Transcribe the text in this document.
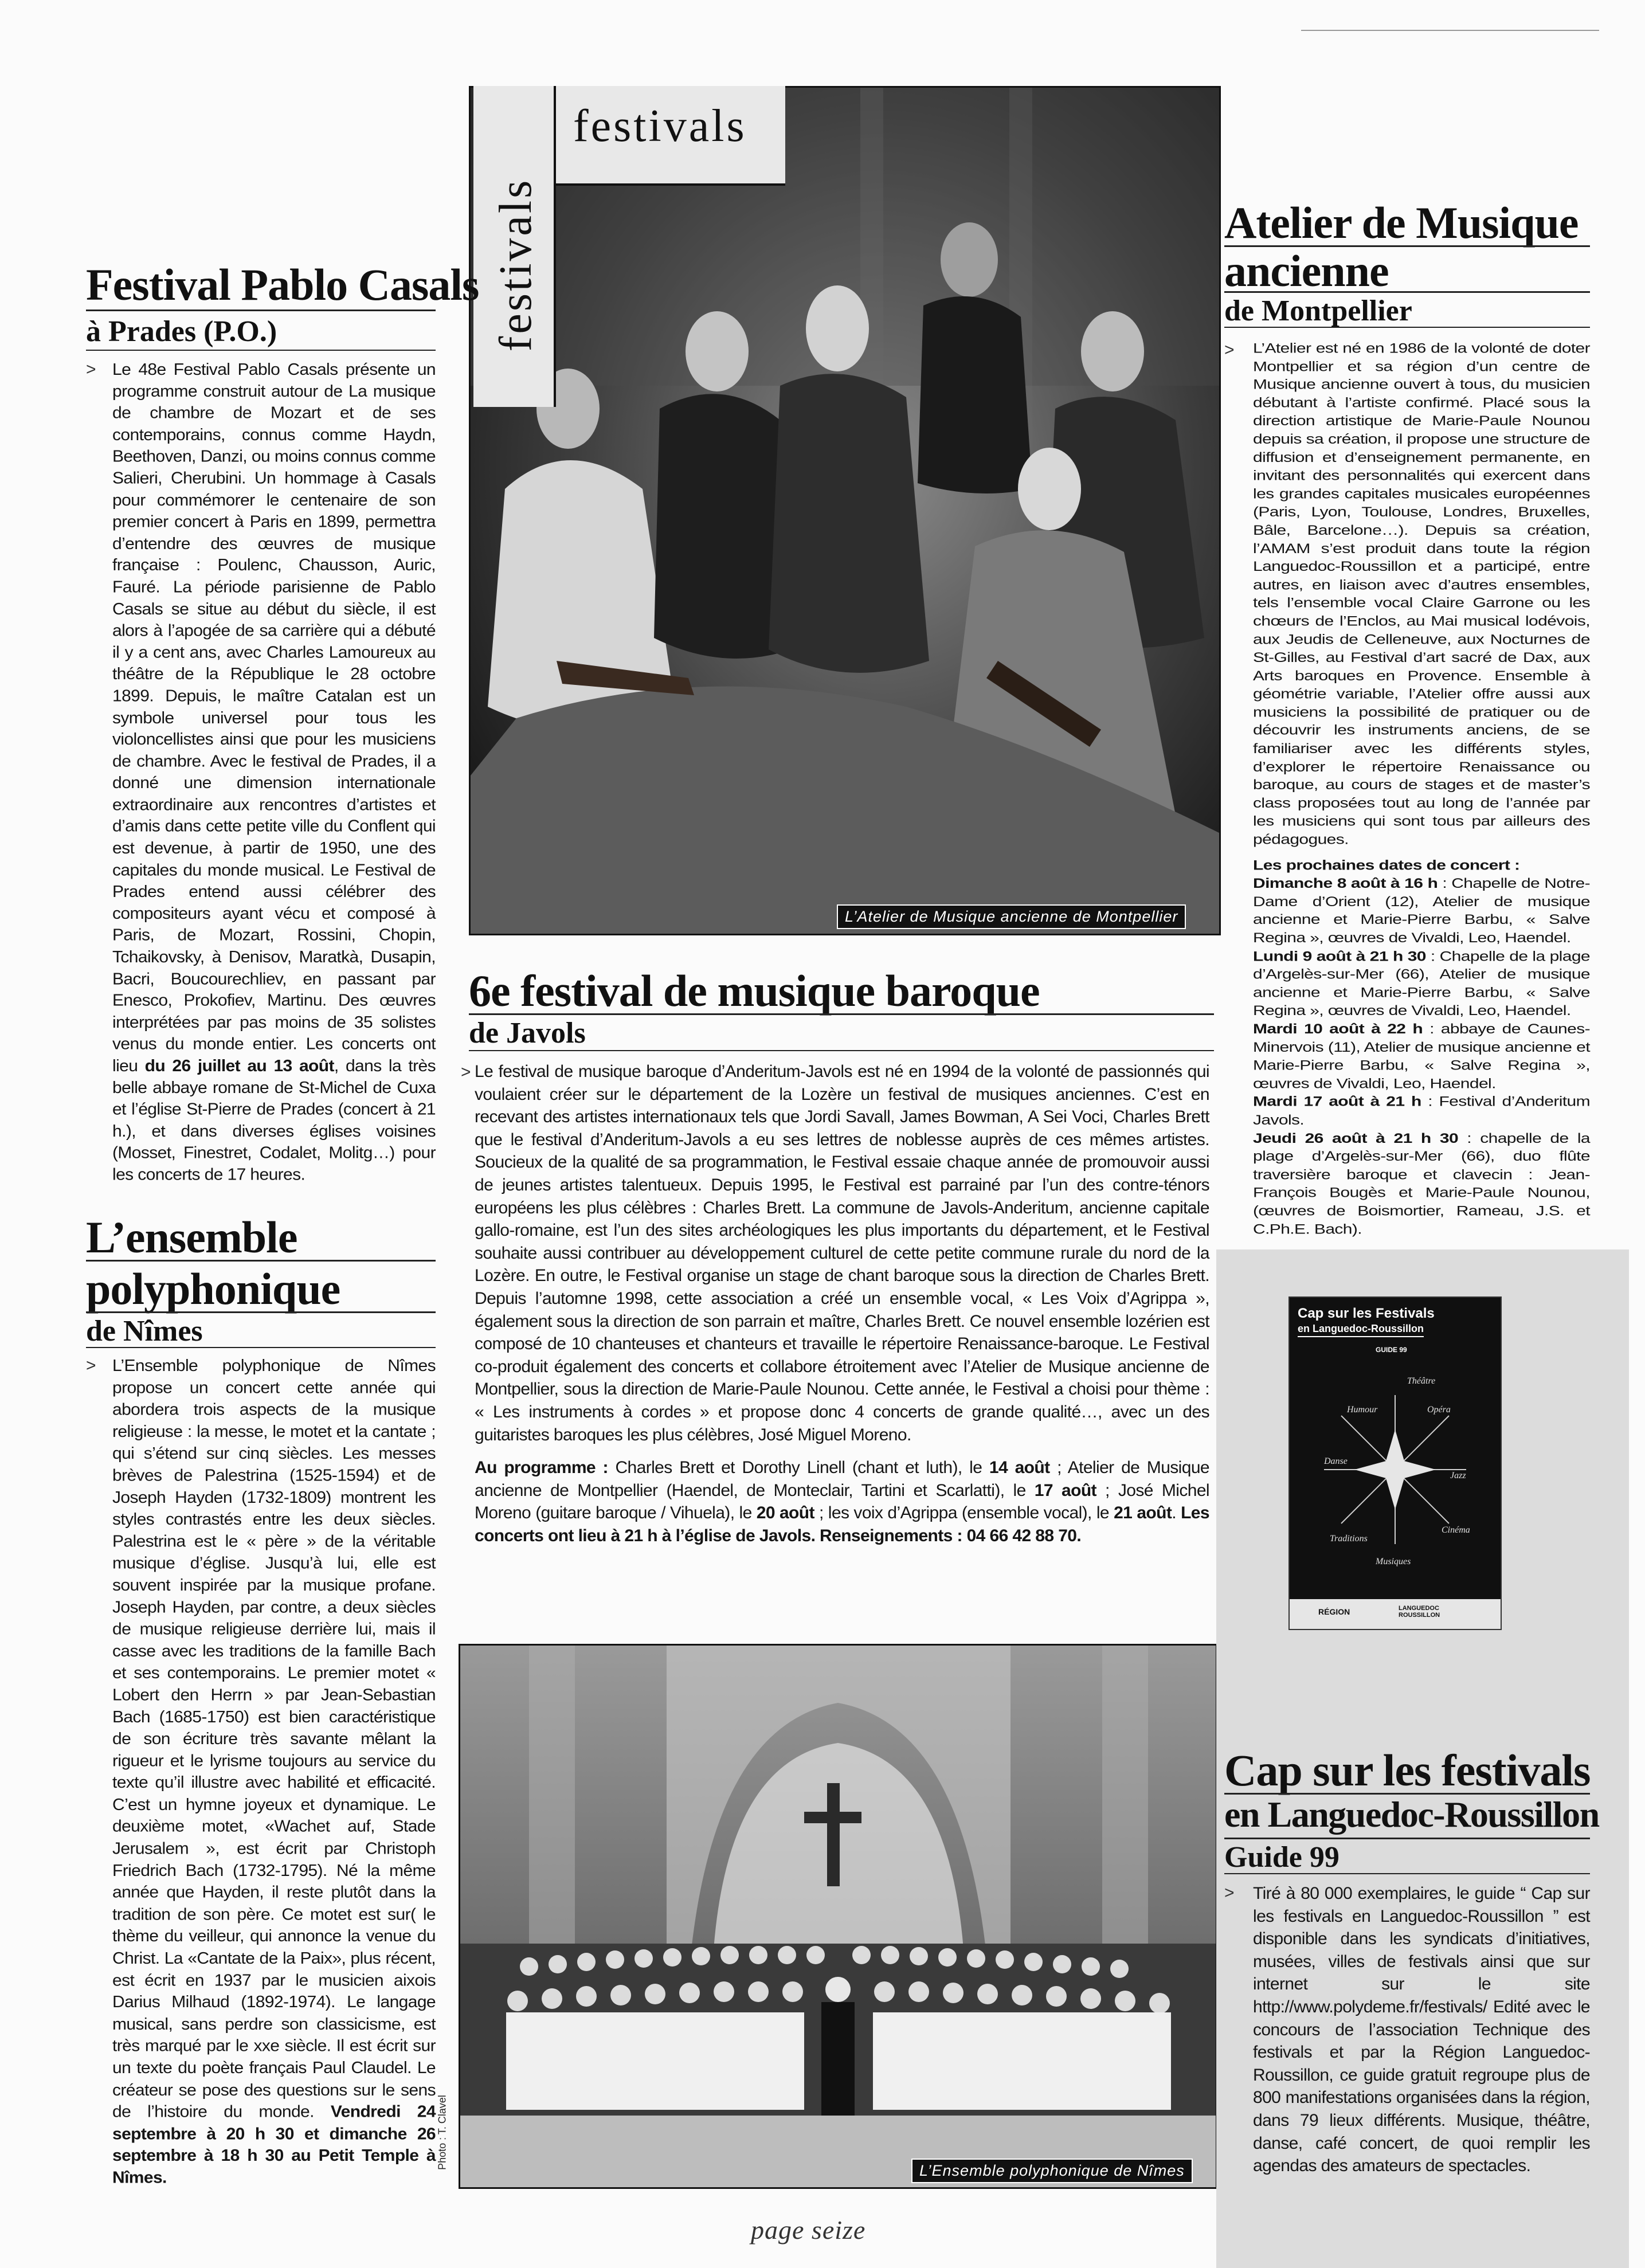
festivals
festivals
L’Atelier de Musique ancienne de Montpellier
Festival Pablo Casals
à Prades (P.O.)
> Le 48e Festival Pablo Casals présente un programme construit autour de La musique de chambre de Mozart et de ses contemporains, connus comme Haydn, Beethoven, Danzi, ou moins connus comme Salieri, Cherubini. Un hommage à Casals pour commémorer le centenaire de son premier concert à Paris en 1899, permettra d’entendre des œuvres de musique française : Poulenc, Chausson, Auric, Fauré. La période parisienne de Pablo Casals se situe au début du siècle, il est alors à l’apogée de sa carrière qui a débuté il y a cent ans, avec Charles Lamoureux au théâtre de la République le 28 octobre 1899. Depuis, le maître Catalan est un symbole universel pour tous les violoncellistes ainsi que pour les musiciens de chambre. Avec le festival de Prades, il a donné une dimension internationale extraordinaire aux rencontres d’artistes et d’amis dans cette petite ville du Conflent qui est devenue, à partir de 1950, une des capitales du monde musical. Le Festival de Prades entend aussi célébrer des compositeurs ayant vécu et composé à Paris, de Mozart, Rossini, Chopin, Tchaikovsky, à Denisov, Maratkà, Dusapin, Bacri, Boucourechliev, en passant par Enesco, Prokofiev, Martinu. Des œuvres interprétées par pas moins de 35 solistes venus du monde entier. Les concerts ont lieu du 26 juillet au 13 août, dans la très belle abbaye romane de St-Michel de Cuxa et l’église St-Pierre de Prades (concert à 21 h.), et dans diverses églises voisines (Mosset, Finestret, Codalet, Molitg…) pour les concerts de 17 heures.

L’ensemble
polyphonique
de Nîmes
> L’Ensemble polyphonique de Nîmes propose un concert cette année qui abordera trois aspects de la musique religieuse : la messe, le motet et la cantate ; qui s’étend sur cinq siècles. Les messes brèves de Palestrina (1525-1594) et de Joseph Hayden (1732-1809) montrent les styles contrastés entre les deux siècles. Palestrina est le « père » de la véritable musique d’église. Jusqu’à lui, elle est souvent inspirée par la musique profane. Joseph Hayden, par contre, a deux siècles de musique religieuse derrière lui, mais il casse avec les traditions de la famille Bach et ses contemporains. Le premier motet « Lobert den Herrn » par Jean-Sebastian Bach (1685-1750) est bien caractéristique de son écriture très savante mêlant la rigueur et le lyrisme toujours au service du texte qu’il illustre avec habilité et efficacité. C’est un hymne joyeux et dynamique. Le deuxième motet, «Wachet auf, Stade Jerusalem », est écrit par Christoph Friedrich Bach (1732-1795). Né la même année que Hayden, il reste plutôt dans la tradition de son père. Ce motet est sur( le thème du veilleur, qui annonce la venue du Christ. La «Cantate de la Paix», plus récent, est écrit en 1937 par le musicien aixois Darius Milhaud (1892-1974). Le langage musical, sans perdre son classicisme, est très marqué par le xxe siècle. Il est écrit sur un texte du poète français Paul Claudel. Le créateur se pose des questions sur le sens de l’histoire du monde. Vendredi 24 septembre à 20 h 30 et dimanche 26 septembre à 18 h 30 au Petit Temple à Nîmes.

6e festival de musique baroque
de Javols
> Le festival de musique baroque d’Anderitum-Javols est né en 1994 de la volonté de passionnés qui voulaient créer sur le département de la Lozère un festival de musiques anciennes. C’est en recevant des artistes internationaux tels que Jordi Savall, James Bowman, A Sei Voci, Charles Brett que le festival d’Anderitum-Javols a eu ses lettres de noblesse auprès de ces mêmes artistes. Soucieux de la qualité de sa programmation, le Festival essaie chaque année de promouvoir aussi de jeunes artistes talentueux. Depuis 1995, le Festival est parrainé par l’un des contre-ténors européens les plus célèbres : Charles Brett. La commune de Javols-Anderitum, ancienne capitale gallo-romaine, est l’un des sites archéologiques les plus importants du département, et le Festival souhaite aussi contribuer au développement culturel de cette petite commune rurale du nord de la Lozère. En outre, le Festival organise un stage de chant baroque sous la direction de Charles Brett. Depuis l’automne 1998, cette association a créé un ensemble vocal, « Les Voix d’Agrippa », également sous la direction de son parrain et maître, Charles Brett. Ce nouvel ensemble lozérien est composé de 10 chanteuses et chanteurs et travaille le répertoire Renaissance-baroque. Le Festival co-produit également des concerts et collabore étroitement avec l’Atelier de Musique ancienne de Montpellier, sous la direction de Marie-Paule Nounou. Cette année, le Festival a choisi pour thème : « Les instruments à cordes » et propose donc 4 concerts de grande qualité…, avec un des guitaristes baroques les plus célèbres, José Miguel Moreno.

Au programme : Charles Brett et Dorothy Linell (chant et luth), le 14 août ; Atelier de Musique ancienne de Montpellier (Haendel, de Monteclair, Tartini et Scarlatti), le 17 août ; José Michel Moreno (guitare baroque / Vihuela), le 20 août ; les voix d’Agrippa (ensemble vocal), le 21 août. Les concerts ont lieu à 21 h à l’église de Javols. Renseignements : 04 66 42 88 70.

L’Ensemble polyphonique de Nîmes
Photo : T. Clavel
Atelier de Musique
ancienne
de Montpellier
> L’Atelier est né en 1986 de la volonté de doter Montpellier et sa région d’un centre de Musique ancienne ouvert à tous, du musicien débutant à l’artiste confirmé. Placé sous la direction artistique de Marie-Paule Nounou depuis sa création, il propose une structure de diffusion et d’enseignement permanente, en invitant des personnalités qui exercent dans les grandes capitales musicales européennes (Paris, Lyon, Toulouse, Londres, Bruxelles, Bâle, Barcelone…). Depuis sa création, l’AMAM s’est produit dans toute la région Languedoc-Roussillon et a participé, entre autres, en liaison avec d’autres ensembles, tels l’ensemble vocal Claire Garrone ou les chœurs de l’Enclos, au Mai musical lodévois, aux Jeudis de Celleneuve, aux Nocturnes de St-Gilles, au Festival d’art sacré de Dax, aux Arts baroques en Provence. Ensemble à géométrie variable, l’Atelier offre aussi aux musiciens la possibilité de pratiquer ou de découvrir les instruments anciens, de se familiariser avec les différents styles, d’explorer le répertoire Renaissance ou baroque, au cours de stages et de master’s class proposées tout au long de l’année par les musiciens qui sont tous par ailleurs des pédagogues.

Les prochaines dates de concert :

Dimanche 8 août à 16 h : Chapelle de Notre-Dame d’Orient (12), Atelier de musique ancienne et Marie-Pierre Barbu, « Salve Regina », œuvres de Vivaldi, Leo, Haendel.

Lundi 9 août à 21 h 30 : Chapelle de la plage d’Argelès-sur-Mer (66), Atelier de musique ancienne et Marie-Pierre Barbu, « Salve Regina », œuvres de Vivaldi, Leo, Haendel.

Mardi 10 août à 22 h : abbaye de Caunes-Minervois (11), Atelier de musique ancienne et Marie-Pierre Barbu, « Salve Regina », œuvres de Vivaldi, Leo, Haendel.

Mardi 17 août à 21 h : Festival d’Anderitum Javols.

Jeudi 26 août à 21 h 30 : chapelle de la plage d’Argelès-sur-Mer (66), duo flûte traversière baroque et clavecin : Jean-François Bougès et Marie-Paule Nounou, (œuvres de Boismortier, Rameau, J.S. et C.Ph.E. Bach).

Cap sur les Festivals
en Languedoc-Roussillon
GUIDE 99
Théâtre
Humour	Opéra
Danse
Jazz
Cinéma
Traditions
Musiques
RÉGION	LANGUEDOC ROUSSILLON
Cap sur les festivals
en Languedoc-Roussillon
Guide 99
> Tiré à 80 000 exemplaires, le guide “ Cap sur les festivals en Languedoc-Roussillon ” est disponible dans les syndicats d’initiatives, musées, villes de festivals ainsi que sur internet sur le site http://www.polydeme.fr/festivals/ Edité avec le concours de l’association Technique des festivals et par la Région Languedoc-Roussillon, ce guide gratuit regroupe plus de 800 manifestations organisées dans la région, dans 79 lieux différents. Musique, théâtre, danse, café concert, de quoi remplir les agendas des amateurs de spectacles.
page seize
